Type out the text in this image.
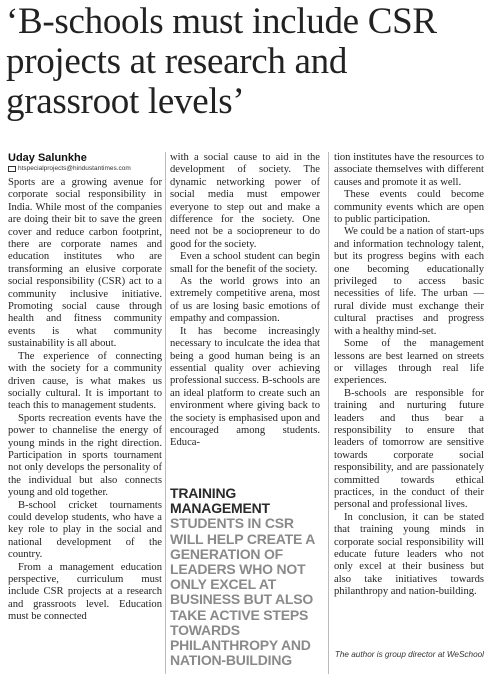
‘B-schools must include CSR projects at research and grassroot levels’
Uday Salunkhe
htspecialprojects@hindustantimes.com

Sports are a growing avenue for corporate social responsibility in India. While most of the companies are doing their bit to save the green cover and reduce carbon footprint, there are corporate names and education institutes who are transforming an elusive corporate social responsibility (CSR) act to a community inclusive initiative. Promoting social cause through health and fitness community events is what community sustainability is all about.

The experience of connecting with the society for a community driven cause, is what makes us socially cultural. It is important to teach this to management students.

Sports recreation events have the power to channelise the energy of young minds in the right direction. Participation in sports tournament not only develops the personality of the individual but also connects young and old together.

B-school cricket tournaments could develop students, who have a key role to play in the social and national development of the country.

From a management education perspective, curriculum must include CSR projects at a research and grassroots level. Education must be connected

with a social cause to aid in the development of society. The dynamic networking power of social media must empower everyone to step out and make a difference for the society. One need not be a sociopreneur to do good for the society.

Even a school student can begin small for the benefit of the society.

As the world grows into an extremely competitive arena, most of us are losing basic emotions of empathy and compassion.

It has become increasingly necessary to inculcate the idea that being a good human being is an essential quality over achieving professional success. B-schools are an ideal platform to create such an environment where giving back to the society is emphasised upon and encouraged among students. Educa-

TRAINING MANAGEMENT
STUDENTS IN CSR WILL HELP CREATE A GENERATION OF LEADERS WHO NOT ONLY EXCEL AT BUSINESS BUT ALSO TAKE ACTIVE STEPS TOWARDS PHILANTHROPY AND NATION-BUILDING

tion institutes have the resources to associate themselves with different causes and promote it as well.

These events could become community events which are open to public participation.

We could be a nation of start-ups and information technology talent, but its progress begins with each one becoming educationally privileged to access basic necessities of life. The urban — rural divide must exchange their cultural practises and progress with a healthy mind-set.

Some of the management lessons are best learned on streets or villages through real life experiences.

B-schools are responsible for training and nurturing future leaders and thus bear a responsibility to ensure that leaders of tomorrow are sensitive towards corporate social responsibility, and are passionately committed towards ethical practices, in the conduct of their personal and professional lives.

In conclusion, it can be stated that training young minds in corporate social responsibility will educate future leaders who not only excel at their business but also take initiatives towards philanthropy and nation-building.

The author is group director at WeSchool
